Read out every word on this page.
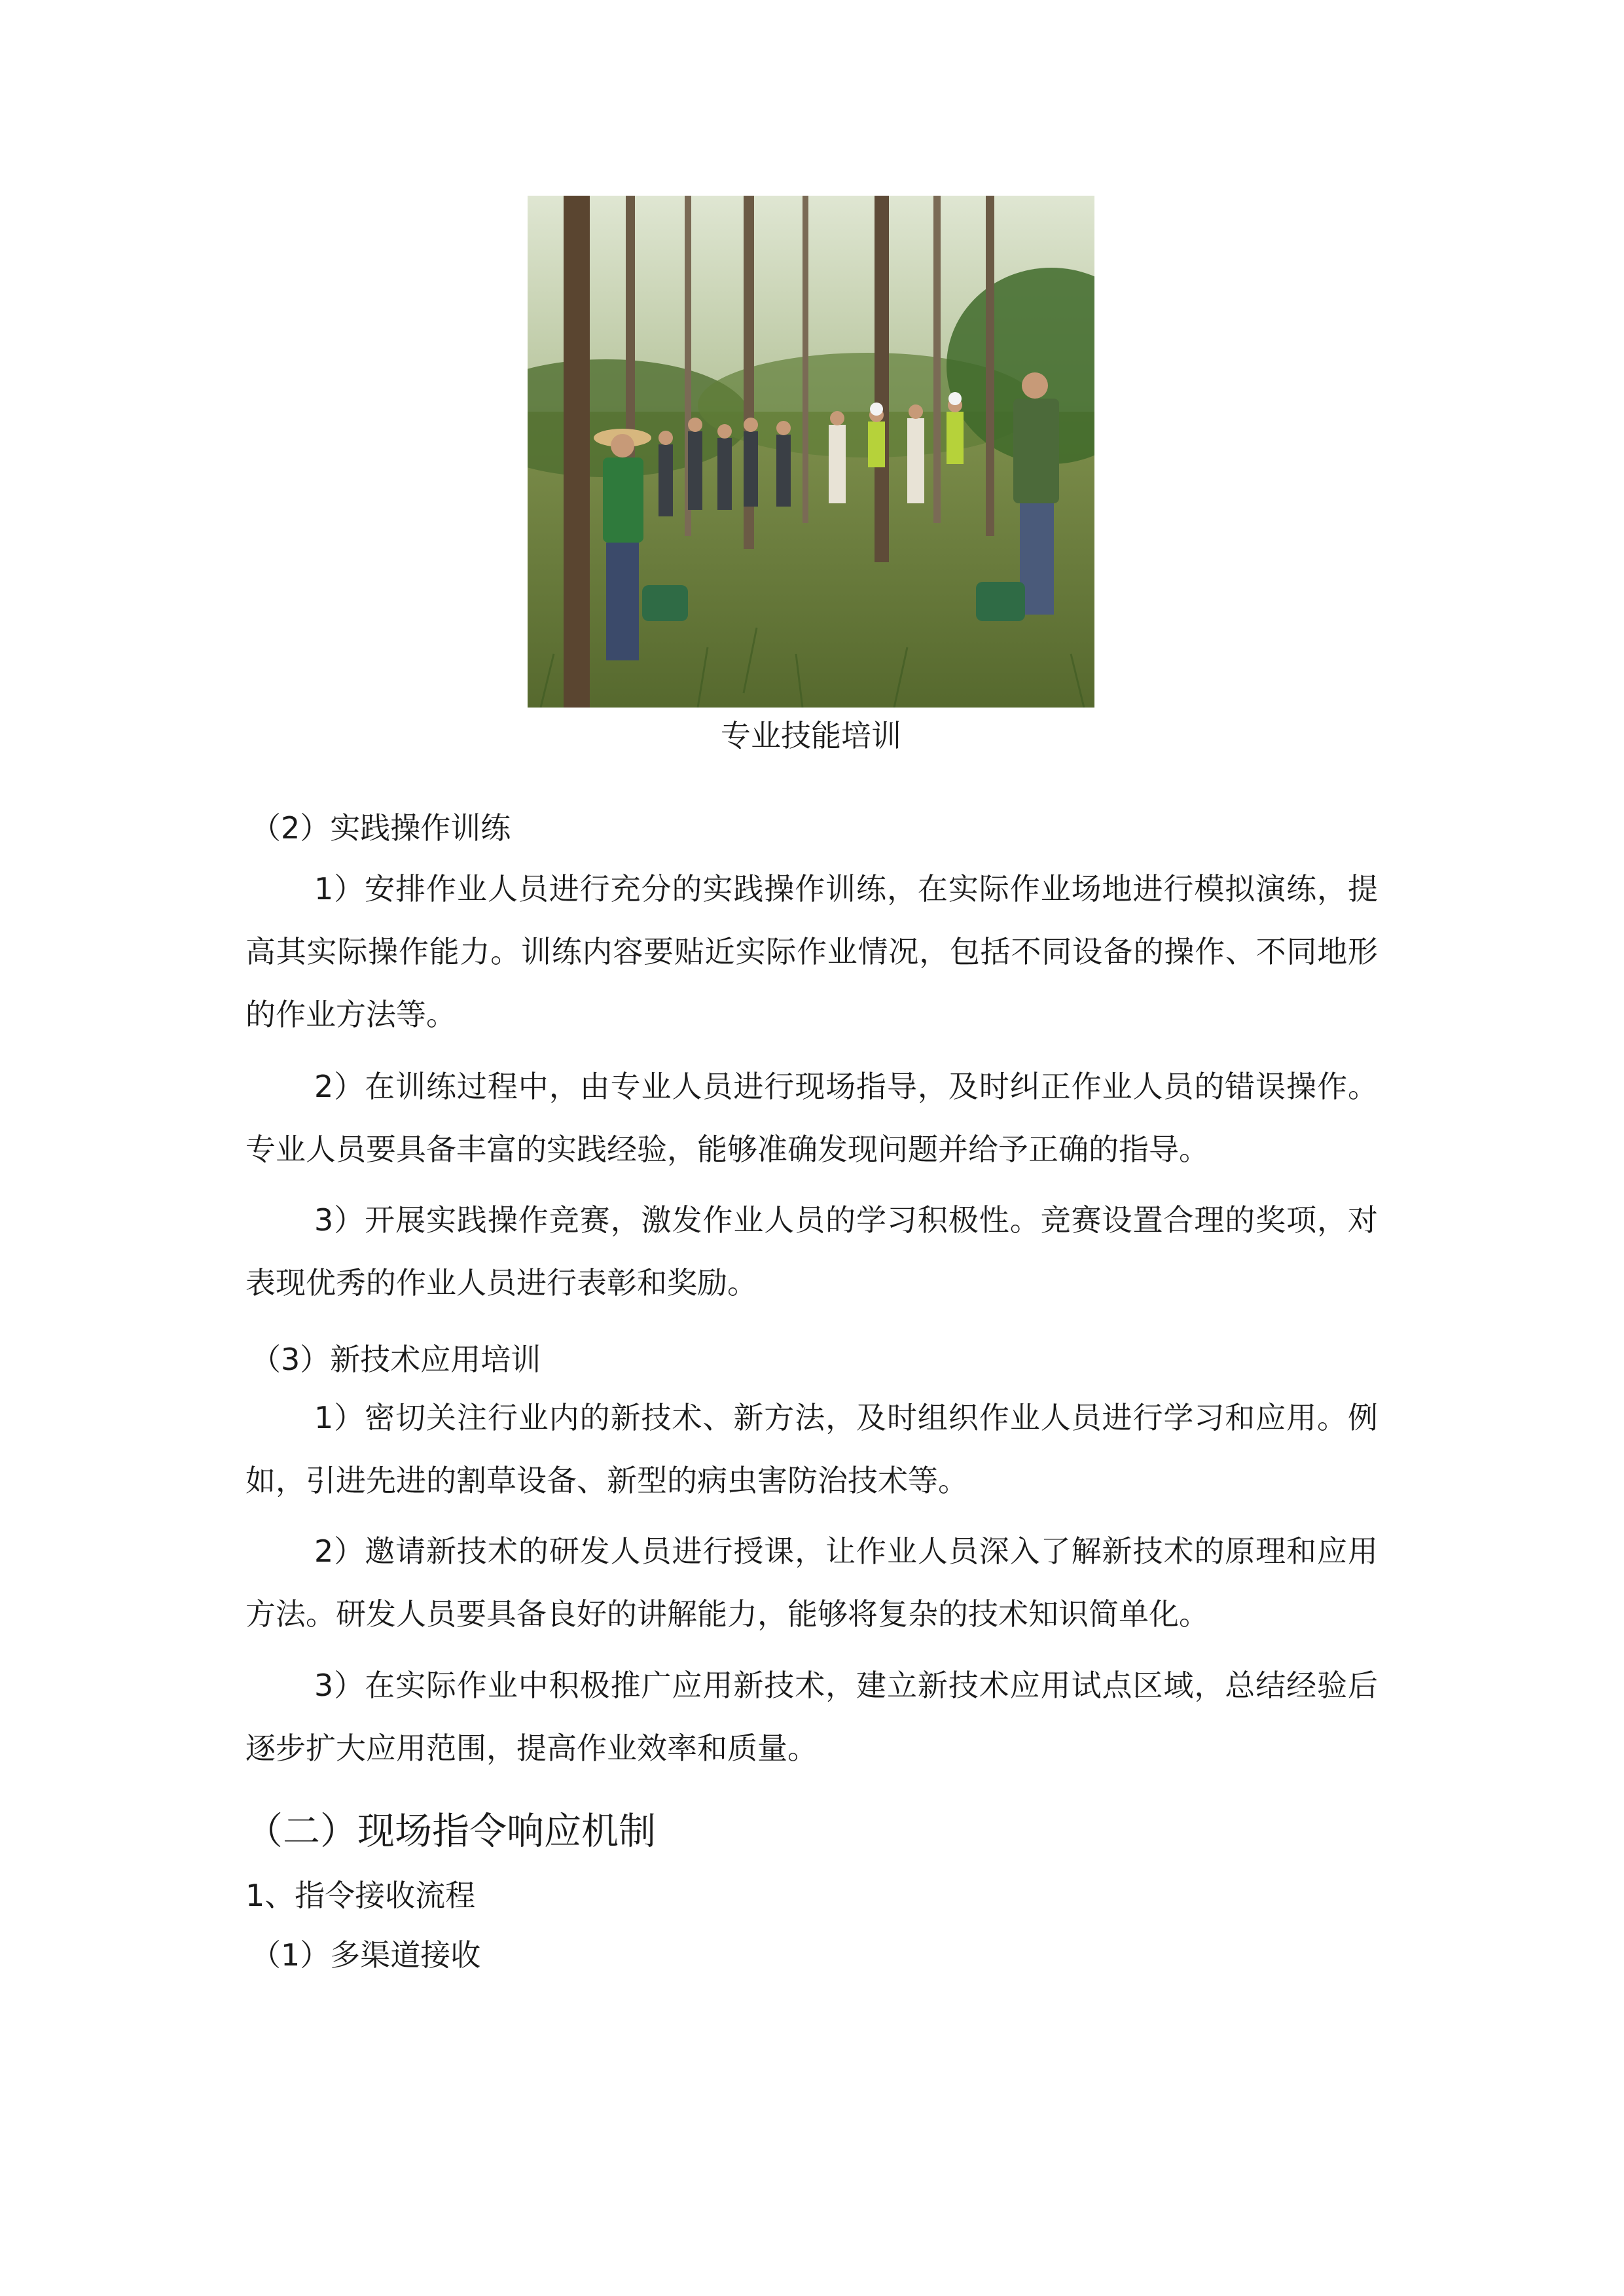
专业技能培训
（2）实践操作训练
1）安排作业人员进行充分的实践操作训练，在实际作业场地进行模拟演练，提高其实际操作能力。训练内容要贴近实际作业情况，包括不同设备的操作、不同地形的作业方法等。
2）在训练过程中，由专业人员进行现场指导，及时纠正作业人员的错误操作。专业人员要具备丰富的实践经验，能够准确发现问题并给予正确的指导。
3）开展实践操作竞赛，激发作业人员的学习积极性。竞赛设置合理的奖项，对表现优秀的作业人员进行表彰和奖励。
（3）新技术应用培训
1）密切关注行业内的新技术、新方法，及时组织作业人员进行学习和应用。例如，引进先进的割草设备、新型的病虫害防治技术等。
2）邀请新技术的研发人员进行授课，让作业人员深入了解新技术的原理和应用方法。研发人员要具备良好的讲解能力，能够将复杂的技术知识简单化。
3）在实际作业中积极推广应用新技术，建立新技术应用试点区域，总结经验后逐步扩大应用范围，提高作业效率和质量。
（二）现场指令响应机制
1、指令接收流程
（1）多渠道接收
